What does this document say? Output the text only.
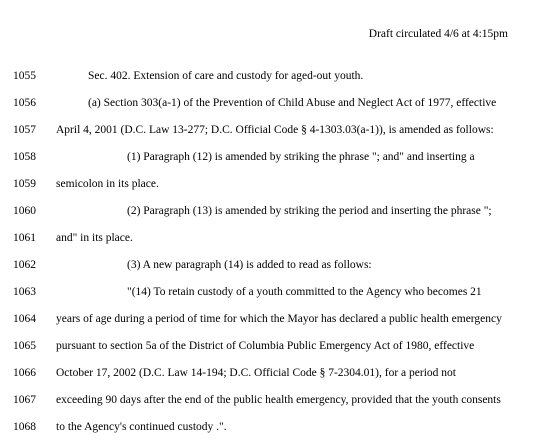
Draft circulated 4/6 at 4:15pm
1055	Sec. 402. Extension of care and custody for aged-out youth.
1056	(a) Section 303(a-1) of the Prevention of Child Abuse and Neglect Act of 1977, effective
1057	April 4, 2001 (D.C. Law 13-277; D.C. Official Code § 4-1303.03(a-1)), is amended as follows:
1058	(1) Paragraph (12) is amended by striking the phrase "; and" and inserting a
1059	semicolon in its place.
1060	(2) Paragraph (13) is amended by striking the period and inserting the phrase ";
1061	and" in its place.
1062	(3) A new paragraph (14) is added to read as follows:
1063	"(14) To retain custody of a youth committed to the Agency who becomes 21
1064	years of age during a period of time for which the Mayor has declared a public health emergency
1065	pursuant to section 5a of the District of Columbia Public Emergency Act of 1980, effective
1066	October 17, 2002 (D.C. Law 14-194; D.C. Official Code § 7-2304.01), for a period not
1067	exceeding 90 days after the end of the public health emergency, provided that the youth consents
1068	to the Agency's continued custody .".
